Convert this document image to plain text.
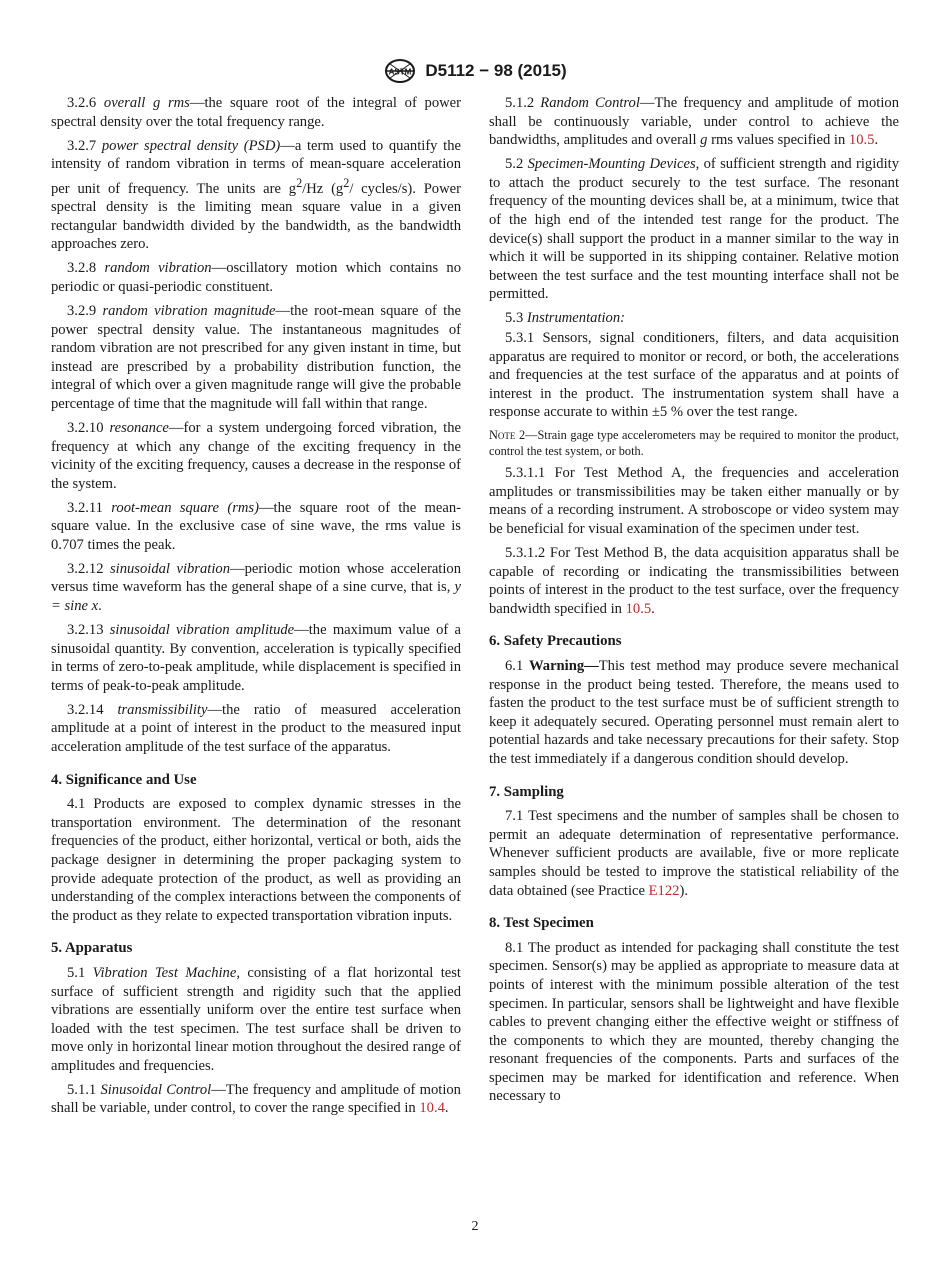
ASTM D5112 − 98 (2015)

3.2.6 overall g rms—the square root of the integral of power spectral density over the total frequency range.

3.2.7 power spectral density (PSD)—a term used to quantify the intensity of random vibration in terms of mean-square acceleration per unit of frequency. The units are $g^2/Hz$ ($g^2/$ cycles/s). Power spectral density is the limiting mean square value in a given rectangular bandwidth divided by the bandwidth, as the bandwidth approaches zero.

3.2.8 random vibration—oscillatory motion which contains no periodic or quasi-periodic constituent.

3.2.9 random vibration magnitude—the root-mean square of the power spectral density value. The instantaneous magnitudes of random vibration are not prescribed for any given instant in time, but instead are prescribed by a probability distribution function, the integral of which over a given magnitude range will give the probable percentage of time that the magnitude will fall within that range.

3.2.10 resonance—for a system undergoing forced vibration, the frequency at which any change of the exciting frequency in the vicinity of the exciting frequency, causes a decrease in the response of the system.

3.2.11 root-mean square (rms)—the square root of the mean-square value. In the exclusive case of sine wave, the rms value is 0.707 times the peak.

3.2.12 sinusoidal vibration—periodic motion whose acceleration versus time waveform has the general shape of a sine curve, that is, y = sine x.

3.2.13 sinusoidal vibration amplitude—the maximum value of a sinusoidal quantity. By convention, acceleration is typically specified in terms of zero-to-peak amplitude, while displacement is specified in terms of peak-to-peak amplitude.

3.2.14 transmissibility—the ratio of measured acceleration amplitude at a point of interest in the product to the measured input acceleration amplitude of the test surface of the apparatus.

4. Significance and Use

4.1 Products are exposed to complex dynamic stresses in the transportation environment. The determination of the resonant frequencies of the product, either horizontal, vertical or both, aids the package designer in determining the proper packaging system to provide adequate protection of the product, as well as providing an understanding of the complex interactions between the components of the product as they relate to expected transportation vibration inputs.

5. Apparatus

5.1 Vibration Test Machine, consisting of a flat horizontal test surface of sufficient strength and rigidity such that the applied vibrations are essentially uniform over the entire test surface when loaded with the test specimen. The test surface shall be driven to move only in horizontal linear motion throughout the desired range of amplitudes and frequencies.

5.1.1 Sinusoidal Control—The frequency and amplitude of motion shall be variable, under control, to cover the range specified in 10.4.

5.1.2 Random Control—The frequency and amplitude of motion shall be continuously variable, under control to achieve the bandwidths, amplitudes and overall g rms values specified in 10.5.

5.2 Specimen-Mounting Devices, of sufficient strength and rigidity to attach the product securely to the test surface. The resonant frequency of the mounting devices shall be, at a minimum, twice that of the high end of the intended test range for the product. The device(s) shall support the product in a manner similar to the way in which it will be supported in its shipping container. Relative motion between the test surface and the test mounting interface shall not be permitted.

5.3 Instrumentation:

5.3.1 Sensors, signal conditioners, filters, and data acquisition apparatus are required to monitor or record, or both, the accelerations and frequencies at the test surface of the apparatus and at points of interest in the product. The instrumentation system shall have a response accurate to within ±5 % over the test range.

Note 2—Strain gage type accelerometers may be required to monitor the product, control the test system, or both.

5.3.1.1 For Test Method A, the frequencies and acceleration amplitudes or transmissibilities may be taken either manually or by means of a recording instrument. A stroboscope or video system may be beneficial for visual examination of the specimen under test.

5.3.1.2 For Test Method B, the data acquisition apparatus shall be capable of recording or indicating the transmissibilities between points of interest in the product to the test surface, over the frequency bandwidth specified in 10.5.

6. Safety Precautions

6.1 Warning—This test method may produce severe mechanical response in the product being tested. Therefore, the means used to fasten the product to the test surface must be of sufficient strength to keep it adequately secured. Operating personnel must remain alert to potential hazards and take necessary precautions for their safety. Stop the test immediately if a dangerous condition should develop.

7. Sampling

7.1 Test specimens and the number of samples shall be chosen to permit an adequate determination of representative performance. Whenever sufficient products are available, five or more replicate samples should be tested to improve the statistical reliability of the data obtained (see Practice E122).

8. Test Specimen

8.1 The product as intended for packaging shall constitute the test specimen. Sensor(s) may be applied as appropriate to measure data at points of interest with the minimum possible alteration of the test specimen. In particular, sensors shall be lightweight and have flexible cables to prevent changing either the effective weight or stiffness of the components to which they are mounted, thereby changing the resonant frequencies of the components. Parts and surfaces of the specimen may be marked for identification and reference. When necessary to

2
